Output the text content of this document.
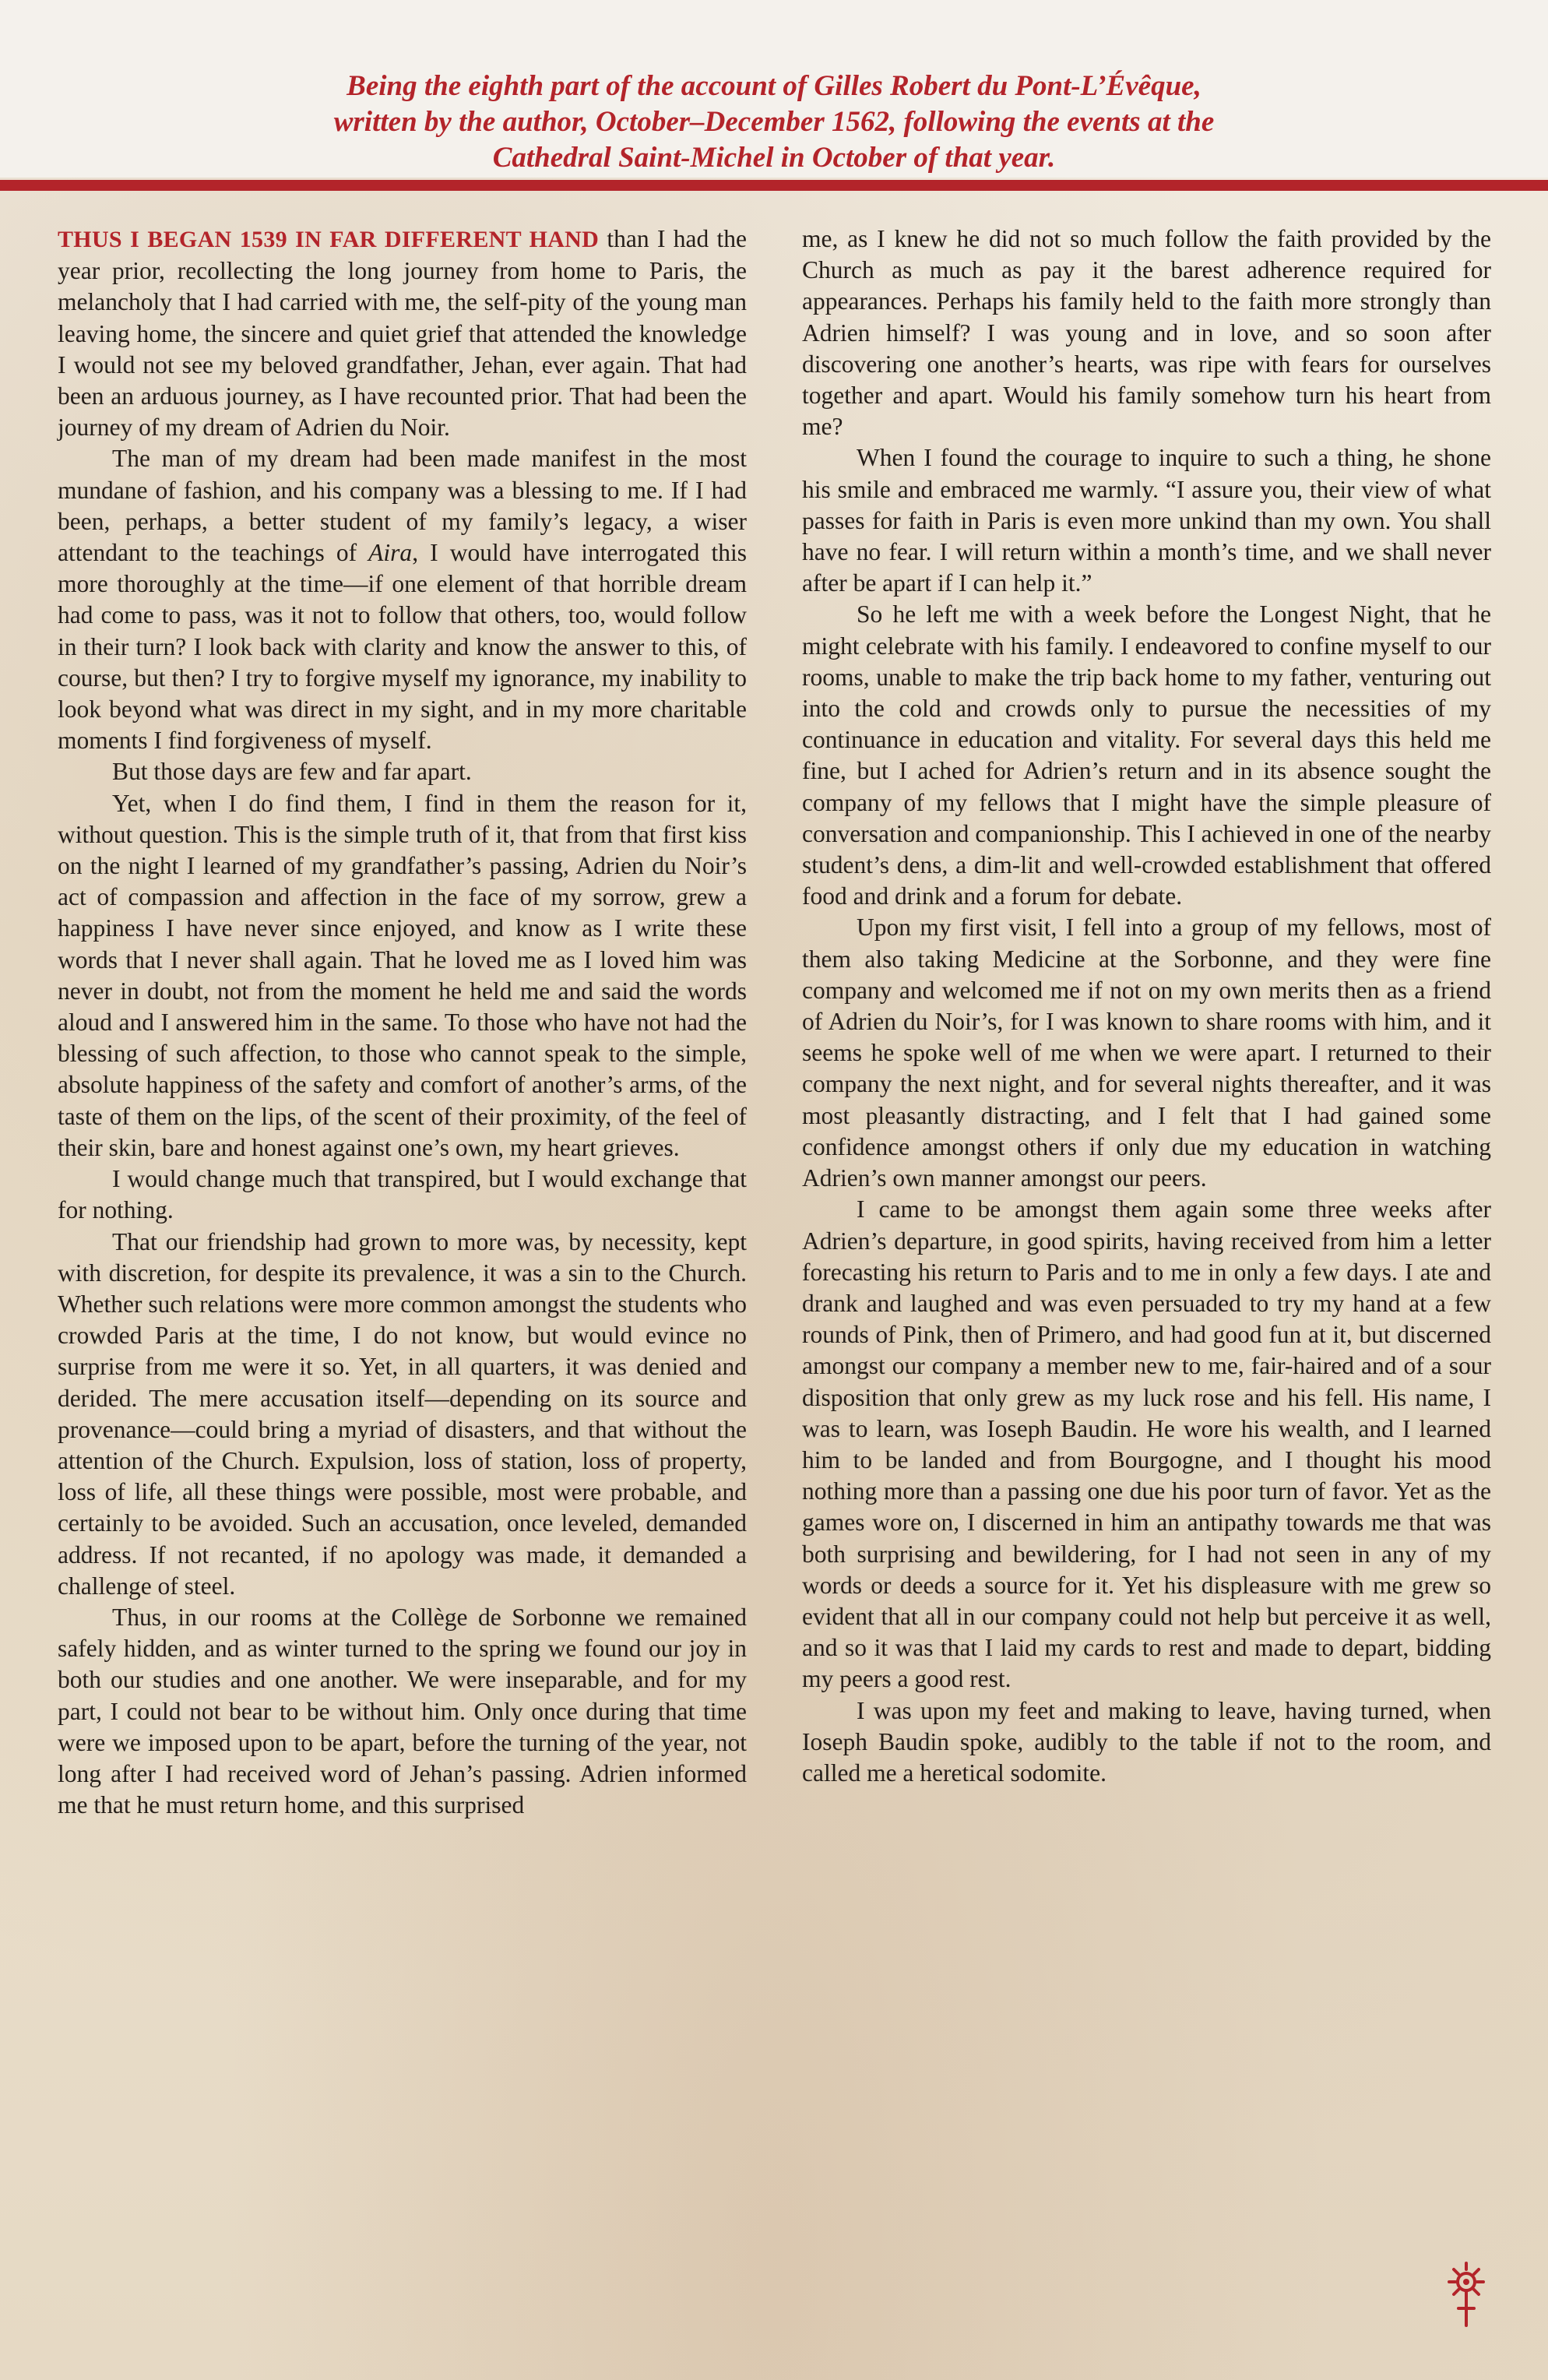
Being the eighth part of the account of Gilles Robert du Pont-L’Évêque,
written by the author, October–December 1562, following the events at the
Cathedral Saint-Michel in October of that year.

THUS I BEGAN 1539 IN FAR DIFFERENT HAND than I had the year prior, recollecting the long journey from home to Paris, the melancholy that I had carried with me, the self-pity of the young man leaving home, the sincere and quiet grief that attended the knowledge I would not see my beloved grandfather, Jehan, ever again. That had been an arduous journey, as I have recounted prior. That had been the journey of my dream of Adrien du Noir.

The man of my dream had been made manifest in the most mundane of fashion, and his company was a blessing to me. If I had been, perhaps, a better student of my family’s legacy, a wiser attendant to the teachings of Aira, I would have interrogated this more thoroughly at the time—if one element of that horrible dream had come to pass, was it not to follow that others, too, would follow in their turn? I look back with clarity and know the answer to this, of course, but then? I try to forgive myself my ignorance, my inability to look beyond what was direct in my sight, and in my more charitable moments I find forgiveness of myself.

But those days are few and far apart.

Yet, when I do find them, I find in them the reason for it, without question. This is the simple truth of it, that from that first kiss on the night I learned of my grandfather’s passing, Adrien du Noir’s act of compassion and affection in the face of my sorrow, grew a happiness I have never since enjoyed, and know as I write these words that I never shall again. That he loved me as I loved him was never in doubt, not from the moment he held me and said the words aloud and I answered him in the same. To those who have not had the blessing of such affection, to those who cannot speak to the simple, absolute happiness of the safety and comfort of another’s arms, of the taste of them on the lips, of the scent of their proximity, of the feel of their skin, bare and honest against one’s own, my heart grieves.

I would change much that transpired, but I would exchange that for nothing.

That our friendship had grown to more was, by necessity, kept with discretion, for despite its prevalence, it was a sin to the Church. Whether such relations were more common amongst the students who crowded Paris at the time, I do not know, but would evince no surprise from me were it so. Yet, in all quarters, it was denied and derided. The mere accusation itself—depending on its source and provenance—could bring a myriad of disasters, and that without the attention of the Church. Expulsion, loss of station, loss of property, loss of life, all these things were possible, most were probable, and certainly to be avoided. Such an accusation, once leveled, demanded address. If not recanted, if no apology was made, it demanded a challenge of steel.

Thus, in our rooms at the Collège de Sorbonne we remained safely hidden, and as winter turned to the spring we found our joy in both our studies and one another. We were inseparable, and for my part, I could not bear to be without him. Only once during that time were we imposed upon to be apart, before the turning of the year, not long after I had received word of Jehan’s passing. Adrien informed me that he must return home, and this surprised

me, as I knew he did not so much follow the faith provided by the Church as much as pay it the barest adherence required for appearances. Perhaps his family held to the faith more strongly than Adrien himself? I was young and in love, and so soon after discovering one another’s hearts, was ripe with fears for ourselves together and apart. Would his family somehow turn his heart from me?

When I found the courage to inquire to such a thing, he shone his smile and embraced me warmly. “I assure you, their view of what passes for faith in Paris is even more unkind than my own. You shall have no fear. I will return within a month’s time, and we shall never after be apart if I can help it.”

So he left me with a week before the Longest Night, that he might celebrate with his family. I endeavored to confine myself to our rooms, unable to make the trip back home to my father, venturing out into the cold and crowds only to pursue the necessities of my continuance in education and vitality. For several days this held me fine, but I ached for Adrien’s return and in its absence sought the company of my fellows that I might have the simple pleasure of conversation and companionship. This I achieved in one of the nearby student’s dens, a dim-lit and well-crowded establishment that offered food and drink and a forum for debate.

Upon my first visit, I fell into a group of my fellows, most of them also taking Medicine at the Sorbonne, and they were fine company and welcomed me if not on my own merits then as a friend of Adrien du Noir’s, for I was known to share rooms with him, and it seems he spoke well of me when we were apart. I returned to their company the next night, and for several nights thereafter, and it was most pleasantly distracting, and I felt that I had gained some confidence amongst others if only due my education in watching Adrien’s own manner amongst our peers.

I came to be amongst them again some three weeks after Adrien’s departure, in good spirits, having received from him a letter forecasting his return to Paris and to me in only a few days. I ate and drank and laughed and was even persuaded to try my hand at a few rounds of Pink, then of Primero, and had good fun at it, but discerned amongst our company a member new to me, fair-haired and of a sour disposition that only grew as my luck rose and his fell. His name, I was to learn, was Ioseph Baudin. He wore his wealth, and I learned him to be landed and from Bourgogne, and I thought his mood nothing more than a passing one due his poor turn of favor. Yet as the games wore on, I discerned in him an antipathy towards me that was both surprising and bewildering, for I had not seen in any of my words or deeds a source for it. Yet his displeasure with me grew so evident that all in our company could not help but perceive it as well, and so it was that I laid my cards to rest and made to depart, bidding my peers a good rest.

I was upon my feet and making to leave, having turned, when Ioseph Baudin spoke, audibly to the table if not to the room, and called me a heretical sodomite.
